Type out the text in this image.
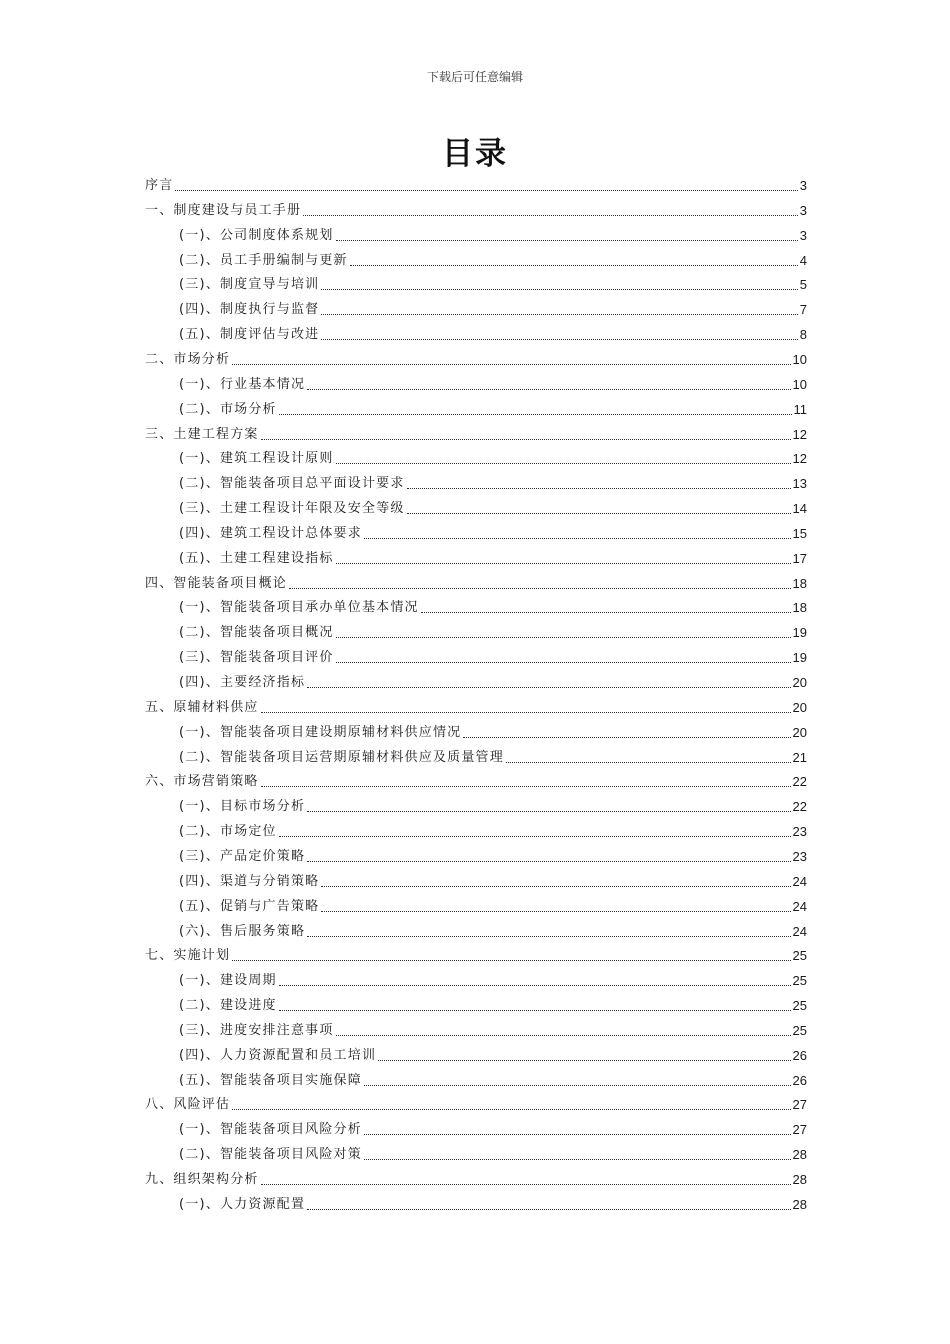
下载后可任意编辑
目录
序言	3
一、制度建设与员工手册	3
(一)、公司制度体系规划	3
(二)、员工手册编制与更新	4
(三)、制度宣导与培训	5
(四)、制度执行与监督	7
(五)、制度评估与改进	8
二、市场分析	10
(一)、行业基本情况	10
(二)、市场分析	11
三、土建工程方案	12
(一)、建筑工程设计原则	12
(二)、智能装备项目总平面设计要求	13
(三)、土建工程设计年限及安全等级	14
(四)、建筑工程设计总体要求	15
(五)、土建工程建设指标	17
四、智能装备项目概论	18
(一)、智能装备项目承办单位基本情况	18
(二)、智能装备项目概况	19
(三)、智能装备项目评价	19
(四)、主要经济指标	20
五、原辅材料供应	20
(一)、智能装备项目建设期原辅材料供应情况	20
(二)、智能装备项目运营期原辅材料供应及质量管理	21
六、市场营销策略	22
(一)、目标市场分析	22
(二)、市场定位	23
(三)、产品定价策略	23
(四)、渠道与分销策略	24
(五)、促销与广告策略	24
(六)、售后服务策略	24
七、实施计划	25
(一)、建设周期	25
(二)、建设进度	25
(三)、进度安排注意事项	25
(四)、人力资源配置和员工培训	26
(五)、智能装备项目实施保障	26
八、风险评估	27
(一)、智能装备项目风险分析	27
(二)、智能装备项目风险对策	28
九、组织架构分析	28
(一)、人力资源配置	28
